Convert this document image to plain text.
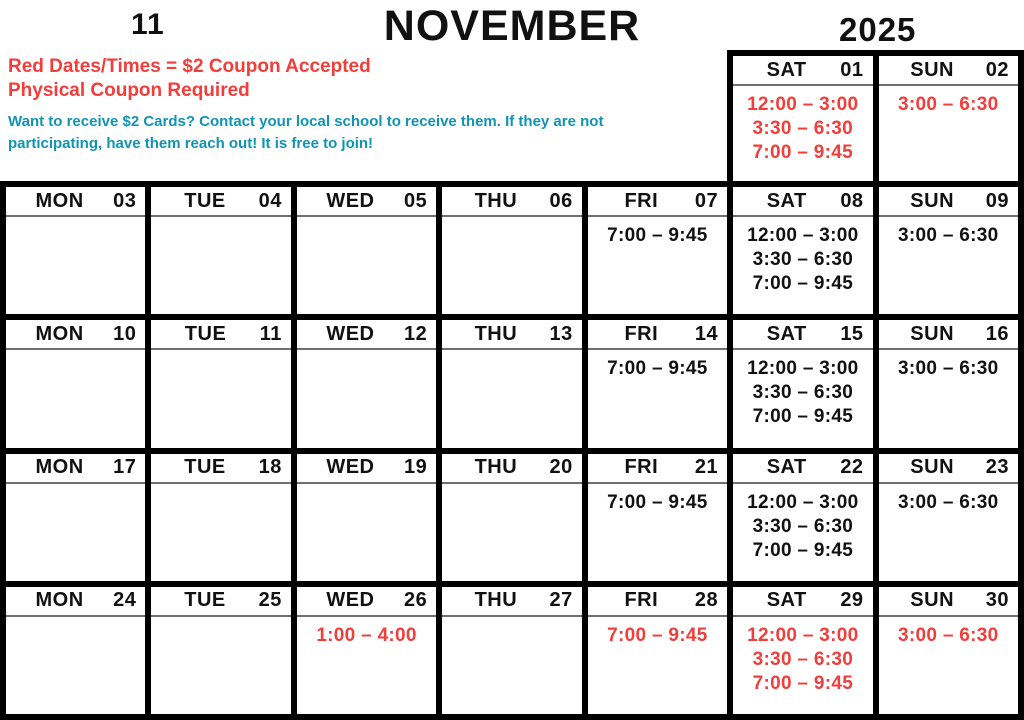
11	NOVEMBER	2025
Red Dates/Times = $2 Coupon Accepted
Physical Coupon Required
Want to receive $2 Cards? Contact your local school to receive them. If they are not
participating, have them reach out! It is free to join!
SAT	01
12:00 – 3:00
3:30 – 6:30
7:00 – 9:45
SUN	02
3:00 – 6:30
MON	03	TUE	04	WED	05	THU	06	FRI	07
7:00 – 9:45
SAT	08
12:00 – 3:00
3:30 – 6:30
7:00 – 9:45
SUN	09
3:00 – 6:30
MON	10	TUE	11	WED	12	THU	13	FRI	14
7:00 – 9:45
SAT	15
12:00 – 3:00
3:30 – 6:30
7:00 – 9:45
SUN	16
3:00 – 6:30
MON	17	TUE	18	WED	19	THU	20	FRI	21
7:00 – 9:45
SAT	22
12:00 – 3:00
3:30 – 6:30
7:00 – 9:45
SUN	23
3:00 – 6:30
MON	24	TUE	25	WED	26
1:00 – 4:00
THU	27	FRI	28
7:00 – 9:45
SAT	29
12:00 – 3:00
3:30 – 6:30
7:00 – 9:45
SUN	30
3:00 – 6:30
